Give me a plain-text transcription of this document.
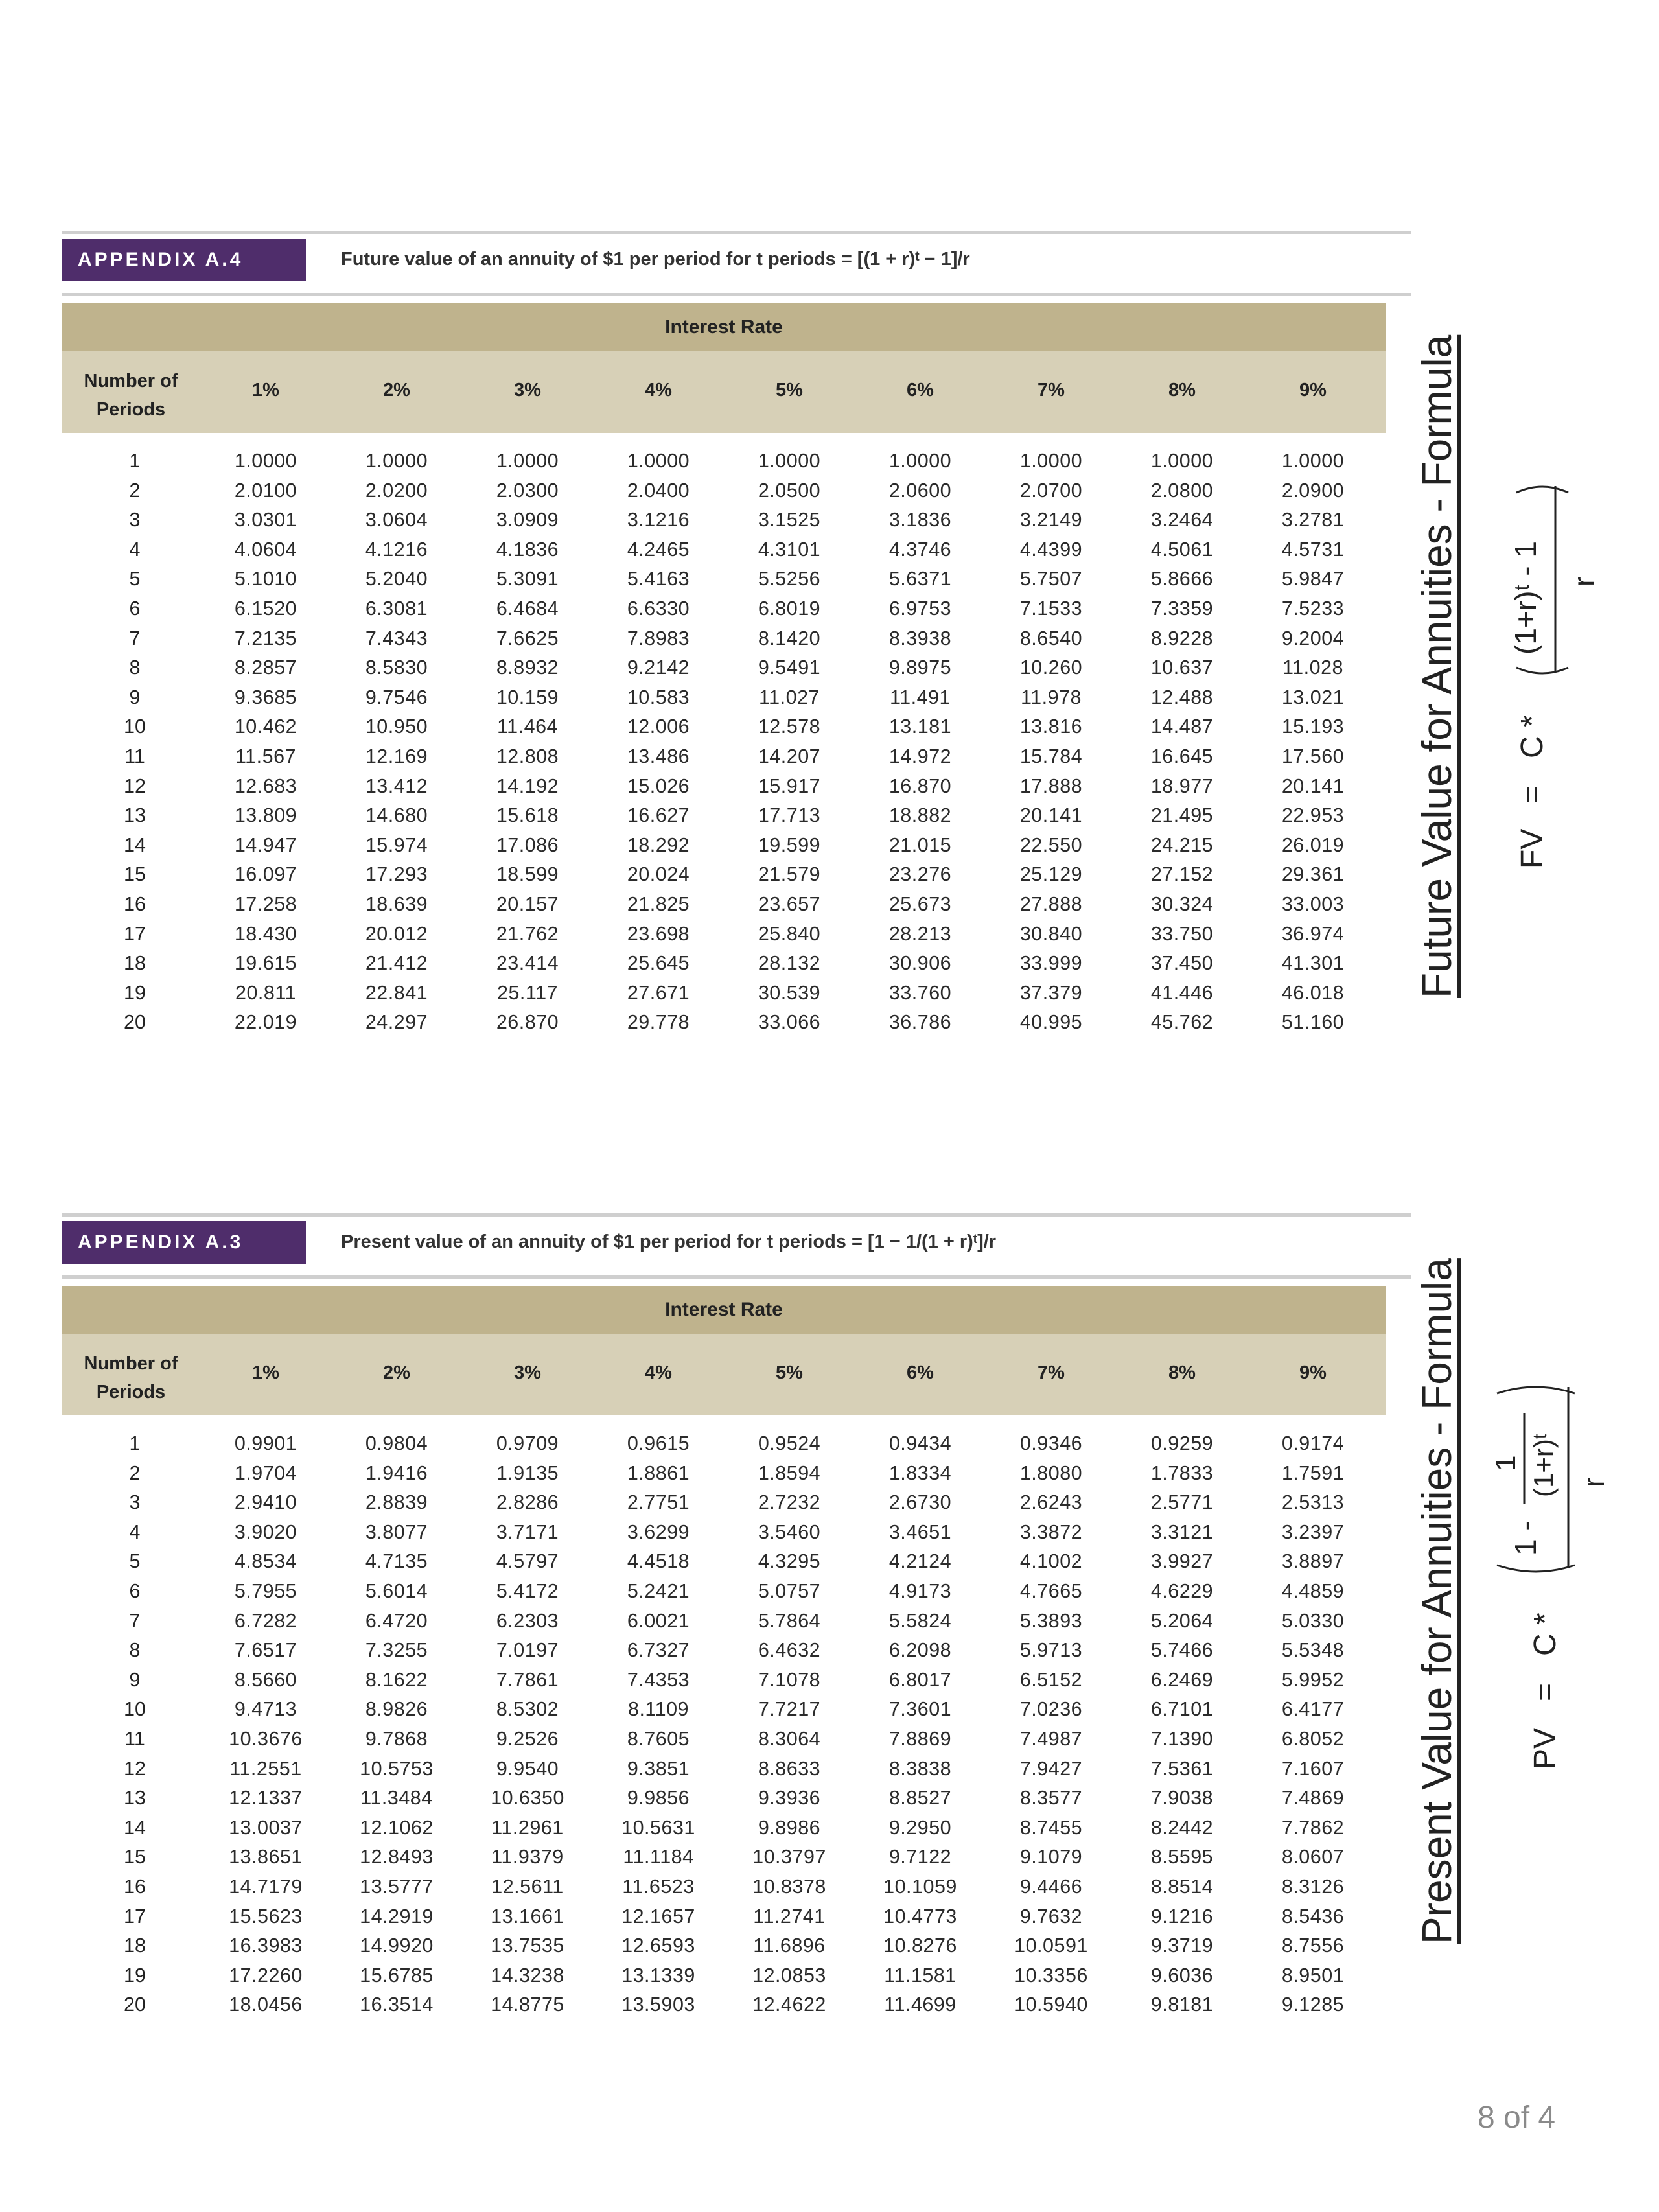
APPENDIX A.4	Future value of an annuity of $1 per period for t periods = [(1 + r)ᵗ − 1]/r
Interest Rate
Number of Periods
1%	2%	3%	4%	5%	6%	7%	8%	9%
1	1.0000	1.0000	1.0000	1.0000	1.0000	1.0000	1.0000	1.0000	1.0000
2	2.0100	2.0200	2.0300	2.0400	2.0500	2.0600	2.0700	2.0800	2.0900
3	3.0301	3.0604	3.0909	3.1216	3.1525	3.1836	3.2149	3.2464	3.2781
4	4.0604	4.1216	4.1836	4.2465	4.3101	4.3746	4.4399	4.5061	4.5731
5	5.1010	5.2040	5.3091	5.4163	5.5256	5.6371	5.7507	5.8666	5.9847
6	6.1520	6.3081	6.4684	6.6330	6.8019	6.9753	7.1533	7.3359	7.5233
7	7.2135	7.4343	7.6625	7.8983	8.1420	8.3938	8.6540	8.9228	9.2004
8	8.2857	8.5830	8.8932	9.2142	9.5491	9.8975	10.260	10.637	11.028
9	9.3685	9.7546	10.159	10.583	11.027	11.491	11.978	12.488	13.021
10	10.462	10.950	11.464	12.006	12.578	13.181	13.816	14.487	15.193
11	11.567	12.169	12.808	13.486	14.207	14.972	15.784	16.645	17.560
12	12.683	13.412	14.192	15.026	15.917	16.870	17.888	18.977	20.141
13	13.809	14.680	15.618	16.627	17.713	18.882	20.141	21.495	22.953
14	14.947	15.974	17.086	18.292	19.599	21.015	22.550	24.215	26.019
15	16.097	17.293	18.599	20.024	21.579	23.276	25.129	27.152	29.361
16	17.258	18.639	20.157	21.825	23.657	25.673	27.888	30.324	33.003
17	18.430	20.012	21.762	23.698	25.840	28.213	30.840	33.750	36.974
18	19.615	21.412	23.414	25.645	28.132	30.906	33.999	37.450	41.301
19	20.811	22.841	25.117	27.671	30.539	33.760	37.379	41.446	46.018
20	22.019	24.297	26.870	29.778	33.066	36.786	40.995	45.762	51.160
APPENDIX A.3	Present value of an annuity of $1 per period for t periods = [1 − 1/(1 + r)ᵗ]/r
Interest Rate
Number of Periods
1%	2%	3%	4%	5%	6%	7%	8%	9%
1	0.9901	0.9804	0.9709	0.9615	0.9524	0.9434	0.9346	0.9259	0.9174
2	1.9704	1.9416	1.9135	1.8861	1.8594	1.8334	1.8080	1.7833	1.7591
3	2.9410	2.8839	2.8286	2.7751	2.7232	2.6730	2.6243	2.5771	2.5313
4	3.9020	3.8077	3.7171	3.6299	3.5460	3.4651	3.3872	3.3121	3.2397
5	4.8534	4.7135	4.5797	4.4518	4.3295	4.2124	4.1002	3.9927	3.8897
6	5.7955	5.6014	5.4172	5.2421	5.0757	4.9173	4.7665	4.6229	4.4859
7	6.7282	6.4720	6.2303	6.0021	5.7864	5.5824	5.3893	5.2064	5.0330
8	7.6517	7.3255	7.0197	6.7327	6.4632	6.2098	5.9713	5.7466	5.5348
9	8.5660	8.1622	7.7861	7.4353	7.1078	6.8017	6.5152	6.2469	5.9952
10	9.4713	8.9826	8.5302	8.1109	7.7217	7.3601	7.0236	6.7101	6.4177
11	10.3676	9.7868	9.2526	8.7605	8.3064	7.8869	7.4987	7.1390	6.8052
12	11.2551	10.5753	9.9540	9.3851	8.8633	8.3838	7.9427	7.5361	7.1607
13	12.1337	11.3484	10.6350	9.9856	9.3936	8.8527	8.3577	7.9038	7.4869
14	13.0037	12.1062	11.2961	10.5631	9.8986	9.2950	8.7455	8.2442	7.7862
15	13.8651	12.8493	11.9379	11.1184	10.3797	9.7122	9.1079	8.5595	8.0607
16	14.7179	13.5777	12.5611	11.6523	10.8378	10.1059	9.4466	8.8514	8.3126
17	15.5623	14.2919	13.1661	12.1657	11.2741	10.4773	9.7632	9.1216	8.5436
18	16.3983	14.9920	13.7535	12.6593	11.6896	10.8276	10.0591	9.3719	8.7556
19	17.2260	15.6785	14.3238	13.1339	12.0853	11.1581	10.3356	9.6036	8.9501
20	18.0456	16.3514	14.8775	13.5903	12.4622	11.4699	10.5940	9.8181	9.1285
Future Value for Annuities - Formula FV
=
C *
(1+r)ᵗ - 1 r
Present Value for Annuities - Formula PV
=
C *
1 -
1 (1+r)ᵗ r
8 of 4
